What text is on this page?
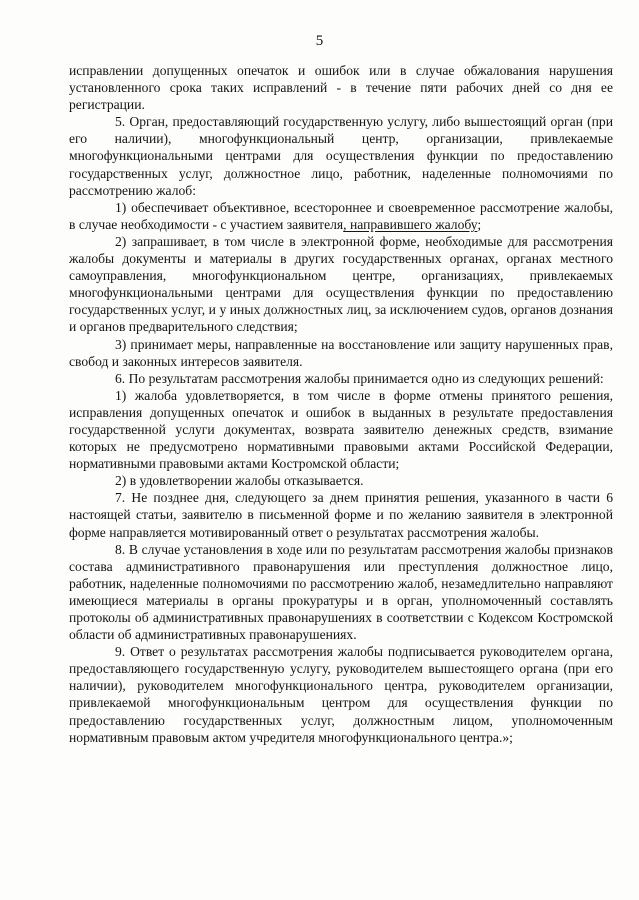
5

исправлении допущенных опечаток и ошибок или в случае обжалования нарушения установленного срока таких исправлений - в течение пяти рабочих дней со дня ее регистрации.

5. Орган, предоставляющий государственную услугу, либо вышестоящий орган (при его наличии), многофункциональный центр, организации, привлекаемые многофункциональными центрами для осуществления функции по предоставлению государственных услуг, должностное лицо, работник, наделенные полномочиями по рассмотрению жалоб:

1) обеспечивает объективное, всестороннее и своевременное рассмотрение жалобы, в случае необходимости - с участием заявителя, направившего жалобу;

2) запрашивает, в том числе в электронной форме, необходимые для рассмотрения жалобы документы и материалы в других государственных органах, органах местного самоуправления, многофункциональном центре, организациях, привлекаемых многофункциональными центрами для осуществления функции по предоставлению государственных услуг, и у иных должностных лиц, за исключением судов, органов дознания и органов предварительного следствия;

3) принимает меры, направленные на восстановление или защиту нарушенных прав, свобод и законных интересов заявителя.

6. По результатам рассмотрения жалобы принимается одно из следующих решений:

1) жалоба удовлетворяется, в том числе в форме отмены принятого решения, исправления допущенных опечаток и ошибок в выданных в результате предоставления государственной услуги документах, возврата заявителю денежных средств, взимание которых не предусмотрено нормативными правовыми актами Российской Федерации, нормативными правовыми актами Костромской области;

2) в удовлетворении жалобы отказывается.

7. Не позднее дня, следующего за днем принятия решения, указанного в части 6 настоящей статьи, заявителю в письменной форме и по желанию заявителя в электронной форме направляется мотивированный ответ о результатах рассмотрения жалобы.

8. В случае установления в ходе или по результатам рассмотрения жалобы признаков состава административного правонарушения или преступления должностное лицо, работник, наделенные полномочиями по рассмотрению жалоб, незамедлительно направляют имеющиеся материалы в органы прокуратуры и в орган, уполномоченный составлять протоколы об административных правонарушениях в соответствии с Кодексом Костромской области об административных правонарушениях.

9. Ответ о результатах рассмотрения жалобы подписывается руководителем органа, предоставляющего государственную услугу, руководителем вышестоящего органа (при его наличии), руководителем многофункционального центра, руководителем организации, привлекаемой многофункциональным центром для осуществления функции по предоставлению государственных услуг, должностным лицом, уполномоченным нормативным правовым актом учредителя многофункционального центра.»;
